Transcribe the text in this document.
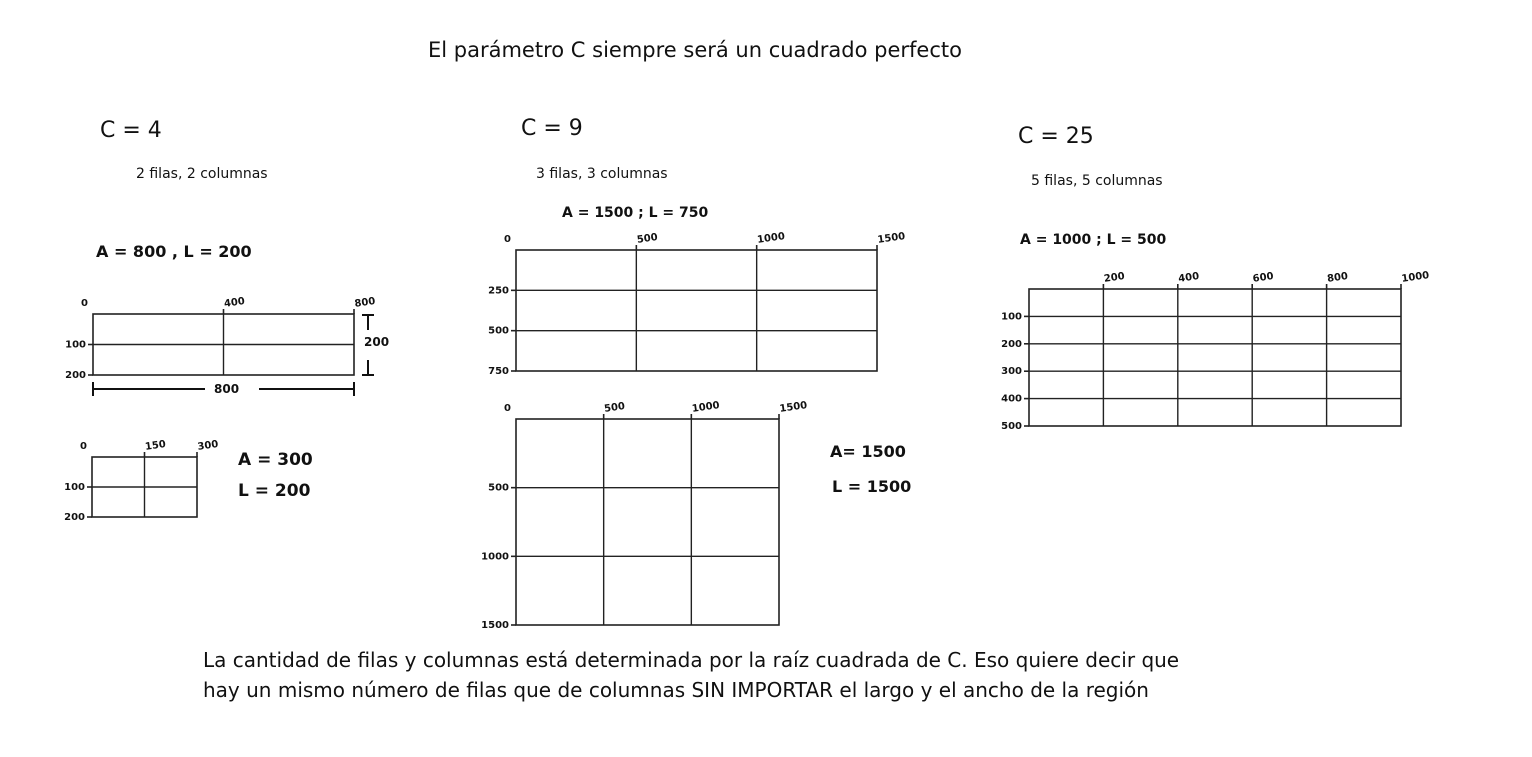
El parámetro C siempre será un cuadrado perfecto
C = 4
2 filas, 2 columnas
A = 800 , L = 200
C = 9
3 filas, 3 columnas
A = 1500 ; L = 750
C = 25
5 filas, 5 columnas
A = 1000 ; L = 500
A = 300
L = 200
A= 1500
L = 1500
200
800
0	400	800
100
200
0	150	300
100
200
0	500	1000	1500
250
500
750
0	500	1000	1500
500
1000
1500
200	400	600	800	1000
100
200
300
400
500
La cantidad de filas y columnas está determinada por la raíz cuadrada de C. Eso quiere decir que
hay un mismo número de filas que de columnas SIN IMPORTAR el largo y el ancho de la región
